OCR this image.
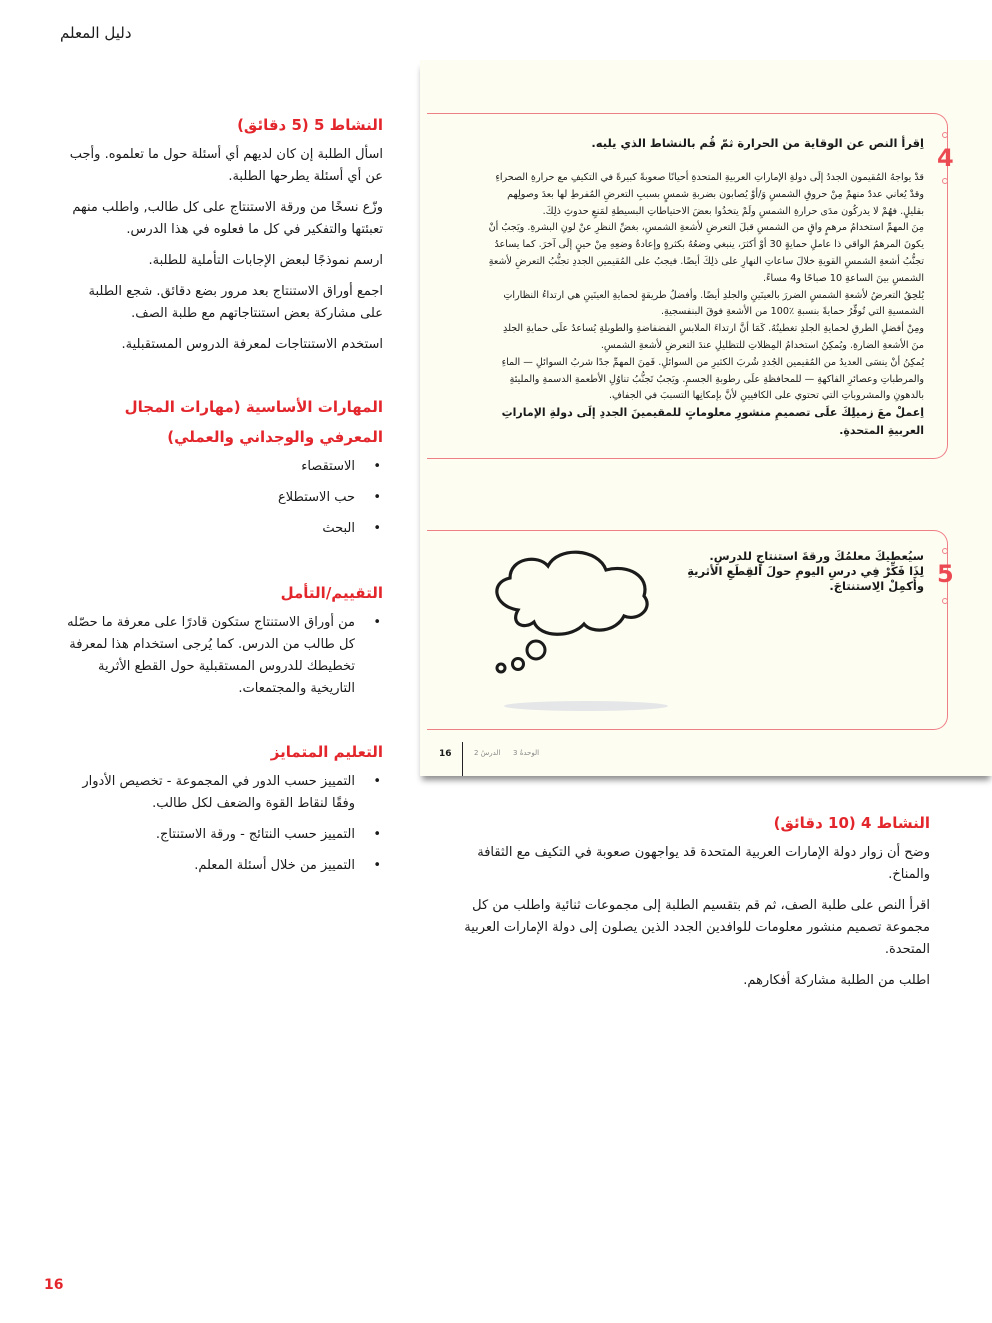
دليل المعلم
النشاط 5 (5 دقائق)

اسأل الطلبة إن كان لديهم أي أسئلة حول ما تعلموه. وأجب عن أي أسئلة يطرحها الطلبة.

وزّع نسخًا من ورقة الاستنتاج على كل طالب, واطلب منهم تعبئتها والتفكير في كل ما فعلوه في هذا الدرس.

ارسم نموذجًا لبعض الإجابات التأملية للطلبة.

اجمع أوراق الاستنتاج بعد مرور بضع دقائق. شجع الطلبة على مشاركة بعض استنتاجاتهم مع طلبة الصف.

استخدم الاستنتاجات لمعرفة الدروس المستقبلية.

المهارات الأساسية (مهارات المجال المعرفي والوجداني والعملي)
• الاستقصاء
• حب الاستطلاع
• البحث
التقييم/التأمل
• من أوراق الاستنتاج ستكون قادرًا على معرفة ما حصّله كل طالب من الدرس. كما يُرجى استخدام هذا لمعرفة تخطيطك للدروس المستقبلية حول القطع الأثرية التاريخية والمجتمعات.
التعليم المتمايز
• التمييز حسب الدور في المجموعة - تخصيص الأدوار وفقًا لنقاط القوة والضعف لكل طالب.
• التمييز حسب النتائج - ورقة الاستنتاج.
• التمييز من خلال أسئلة المعلم.
4
اِقرأ النص عن الوقاية من الحرارة ثمّ قُم بالنشاط الذي يليه.
قدْ يواجهُ المُقيمون الجددُ إلَى دولةِ الإماراتِ العربيةِ المتحدةِ أحيانًا صعوبةً كبيرةً في التكيفِ مع حرارةِ الصحراءِ وقدْ يُعاني عددٌ منهمْ مِنْ حروقِ الشمسِ وَ/أوْ يُصابون بضربةِ شمسٍ بسببِ التعرضِ المُفرطِ لها بعدَ وصولِهم بقليلٍ. فهُمْ لا يدركُون مدَى حرارةِ الشمسِ ولَمْ يتخذُوا بعضَ الاحتياطاتِ البسيطةِ لمَنعِ حدوثِ ذلِكَ.
مِنَ المهمِّ استخدامُ مرهمٍ واقٍ من الشمسِ قبلَ التعرضِ لأشعةِ الشمسِ، بغضِّ النظرِ عنْ لونِ البشرةِ. ويَجبُ أنْ يكونَ المرهمُ الواقي ذا عاملِ حمايةٍ 30 أوْ أكثرَ، ينبغي وضعُهُ بكثرةٍ وإعادةُ وضعِهِ مِنْ حينٍ إلَى آخرَ. كما يساعدُ تجنُّبُ أشعةِ الشمسِ القويةِ خلالَ ساعاتِ النهارِ على ذلِكَ أيضًا. فيجبُ على المُقيمين الجددِ تجنُّبُ التعرضِ لأشعةِ الشمسِ بينَ الساعةِ 10 صباحًا و4 مساءً.
يُلحِقُ التعرضُ لأشعةِ الشمسِ الضررَ بالعينَينِ والجلدِ أيضًا. وأفضلُ طريقةٍ لحمايةِ العينَينِ هي ارتداءُ النظاراتِ الشمسيةِ التي تُوفِّرُ حمايةً بنسبةِ ٪100 من الأشعةِ فوقَ البنفسجيةِ.
ومِنْ أفضلِ الطرقِ لحمايةِ الجلدِ تغطيتُهُ. كَمَا أنَّ ارتداءَ الملابسِ الفضفاضةِ والطويلةِ يُساعدُ علَى حمايةِ الجلدِ منَ الأشعةِ الضارةِ. ويُمكِنُ استخدامُ المِظلاتِ للتظليلِ عندَ التعرضِ لأشعةِ الشمسِ.
يُمكِنُ أنْ ينسَى العديدُ من المُقيمين الجُددِ شُربَ الكثيرِ من السوائلِ. فَمِنَ المهمِّ جدًا شربُ السوائلِ — الماءِ والمرطباتِ وعصائرِ الفاكهةِ — للمحافظةِ علَى رطوبةِ الجسمِ. ويَجبُ تَجنُّبُ تناوُلِ الأطعمةِ الدسمةِ والمليئةِ بالدهونِ والمشروباتِ التي تحتوي على الكافيينِ لأنَّ بإمكانِها التسببَ في الجفافِ.
اِعملْ معَ زميلِكَ علَى تصميمِ منشورِ معلوماتٍ للمقيمينَ الجددِ إلَى دولةِ الإماراتِ العربيةِ المتحدةِ.
5
سيُعطيكَ معلمُكَ ورقةَ استنتاجٍ للدرسِ.
لِذَا فَكِّرْ فِي درسِ اليومِ حولَ القِطَعِ الأثريةِ
وأَكمِلْ الِاستنتاجَ.
16	الدرسُ 2 الوحدةُ 3
النشاط 4 (10 دقائق)

وضح أن زوار دولة الإمارات العربية المتحدة قد يواجهون صعوبة في التكيف مع الثقافة والمناخ.

اقرأ النص على طلبة الصف، ثم قم بتقسيم الطلبة إلى مجموعات ثنائية واطلب من كل مجموعة تصميم منشور معلومات للوافدين الجدد الذين يصلون إلى دولة الإمارات العربية المتحدة.

اطلب من الطلبة مشاركة أفكارهم.

16
